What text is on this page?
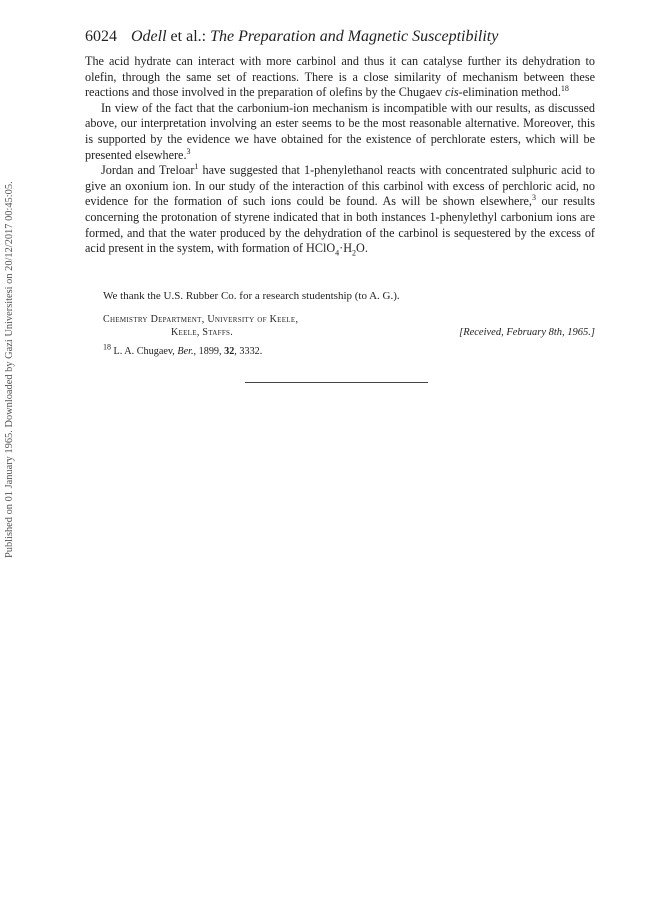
Published on 01 January 1965. Downloaded by Gazi Universitesi on 20/12/2017 00:45:05.
6024 Odell et al.: The Preparation and Magnetic Susceptibility

The acid hydrate can interact with more carbinol and thus it can catalyse further its dehydration to olefin, through the same set of reactions. There is a close similarity of mechanism between these reactions and those involved in the preparation of olefins by the Chugaev cis-elimination method.$^{18}$

In view of the fact that the carbonium-ion mechanism is incompatible with our results, as discussed above, our interpretation involving an ester seems to be the most reasonable alternative. Moreover, this is supported by the evidence we have obtained for the existence of perchlorate esters, which will be presented elsewhere.$^3$

Jordan and Treloar$^1$ have suggested that 1-phenylethanol reacts with concentrated sulphuric acid to give an oxonium ion. In our study of the interaction of this carbinol with excess of perchloric acid, no evidence for the formation of such ions could be found. As will be shown elsewhere,$^3$ our results concerning the protonation of styrene indicated that in both instances 1-phenylethyl carbonium ions are formed, and that the water produced by the dehydration of the carbinol is sequestered by the excess of acid present in the system, with formation of $HClO_4\cdot H_2O$.

We thank the U.S. Rubber Co. for a research studentship (to A. G.).
Chemistry Department, University of Keele,
Keele, Staffs.	[Received, February 8th, 1965.]
$^{18}$ L. A. Chugaev, Ber., 1899, 32, 3332.
